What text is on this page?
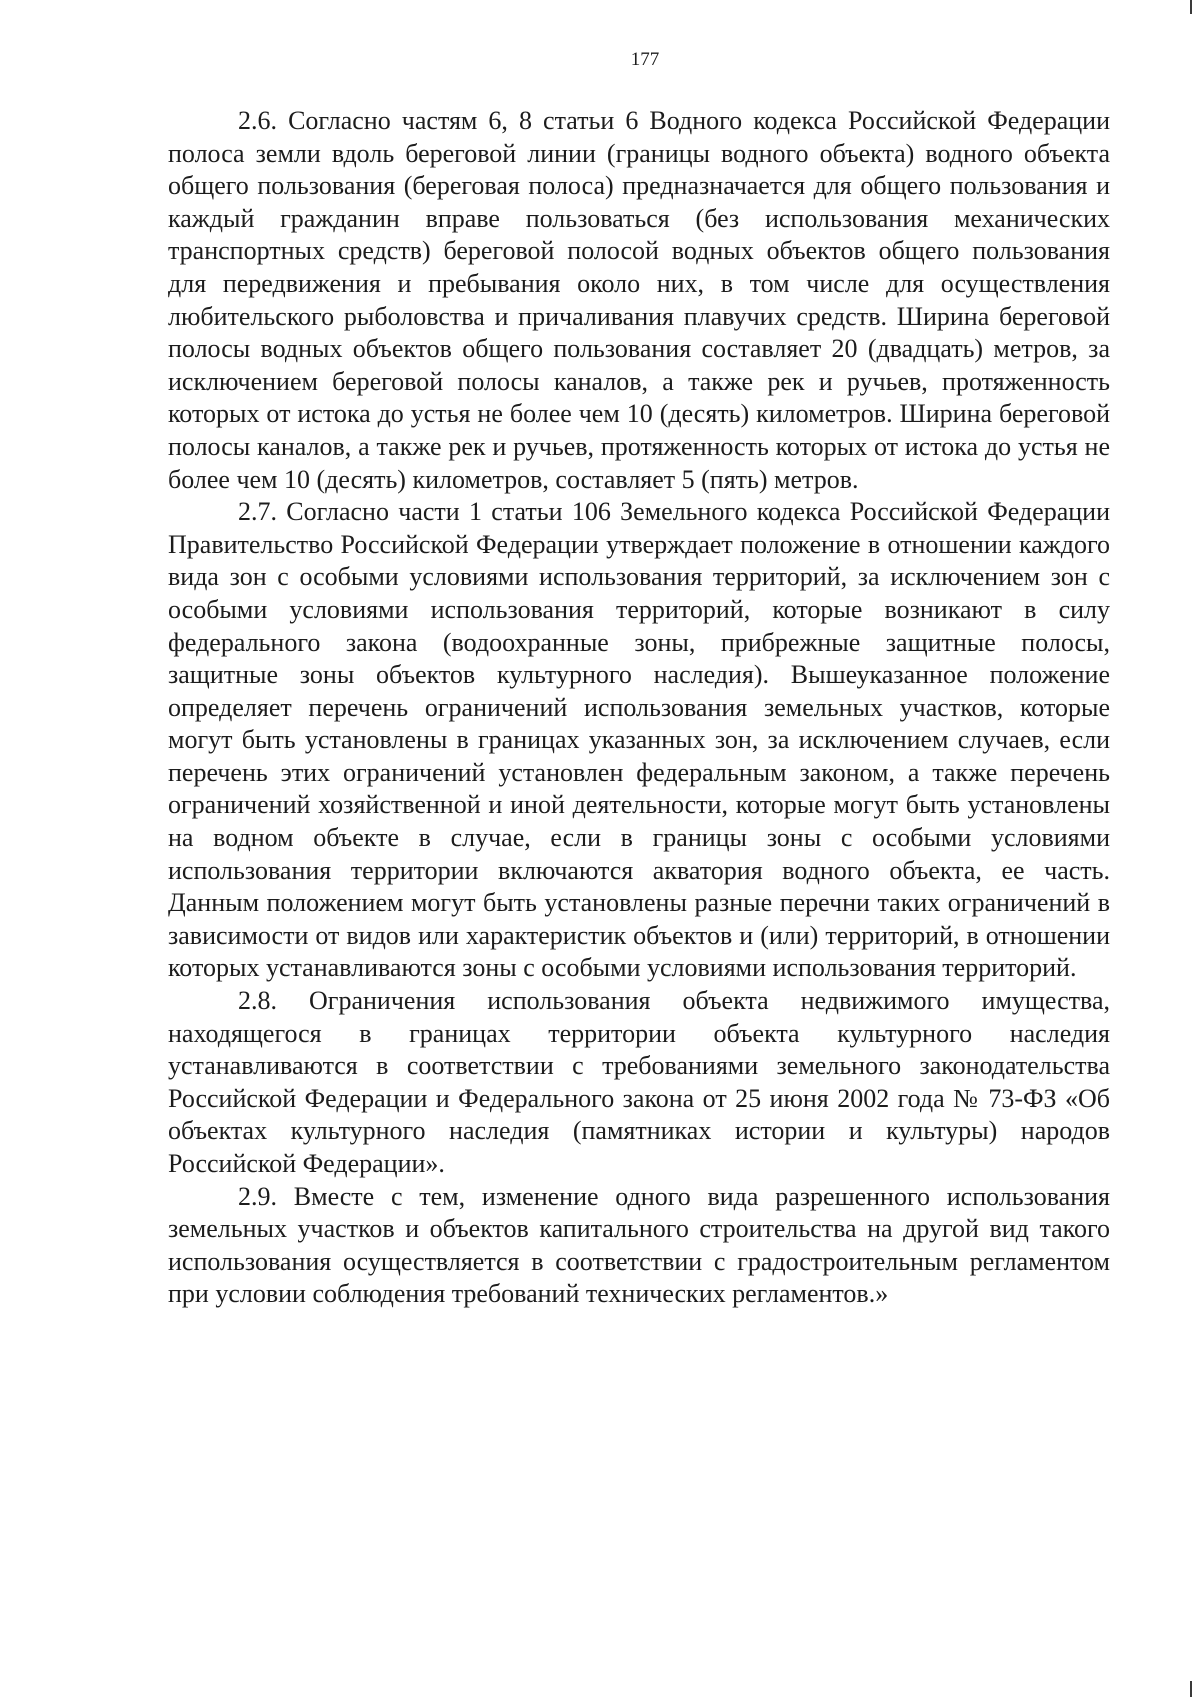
177

2.6. Согласно частям 6, 8 статьи 6 Водного кодекса Российской Федерации полоса земли вдоль береговой линии (границы водного объекта) водного объекта общего пользования (береговая полоса) предназначается для общего пользования и каждый гражданин вправе пользоваться (без использования механических транспортных средств) береговой полосой водных объектов общего пользования для передвижения и пребывания около них, в том числе для осуществления любительского рыболовства и причаливания плавучих средств. Ширина береговой полосы водных объектов общего пользования составляет 20 (двадцать) метров, за исключением береговой полосы каналов, а также рек и ручьев, протяженность которых от истока до устья не более чем 10 (десять) километров. Ширина береговой полосы каналов, а также рек и ручьев, протяженность которых от истока до устья не более чем 10 (десять) километров, составляет 5 (пять) метров.

2.7. Согласно части 1 статьи 106 Земельного кодекса Российской Федерации Правительство Российской Федерации утверждает положение в отношении каждого вида зон с особыми условиями использования территорий, за исключением зон с особыми условиями использования территорий, которые возникают в силу федерального закона (водоохранные зоны, прибрежные защитные полосы, защитные зоны объектов культурного наследия). Вышеуказанное положение определяет перечень ограничений использования земельных участков, которые могут быть установлены в границах указанных зон, за исключением случаев, если перечень этих ограничений установлен федеральным законом, а также перечень ограничений хозяйственной и иной деятельности, которые могут быть установлены на водном объекте в случае, если в границы зоны с особыми условиями использования территории включаются акватория водного объекта, ее часть. Данным положением могут быть установлены разные перечни таких ограничений в зависимости от видов или характеристик объектов и (или) территорий, в отношении которых устанавливаются зоны с особыми условиями использования территорий.

2.8. Ограничения использования объекта недвижимого имущества, находящегося в границах территории объекта культурного наследия устанавливаются в соответствии с требованиями земельного законодательства Российской Федерации и Федерального закона от 25 июня 2002 года № 73-ФЗ «Об объектах культурного наследия (памятниках истории и культуры) народов Российской Федерации».

2.9. Вместе с тем, изменение одного вида разрешенного использования земельных участков и объектов капитального строительства на другой вид такого использования осуществляется в соответствии с градостроительным регламентом при условии соблюдения требований технических регламентов.»
